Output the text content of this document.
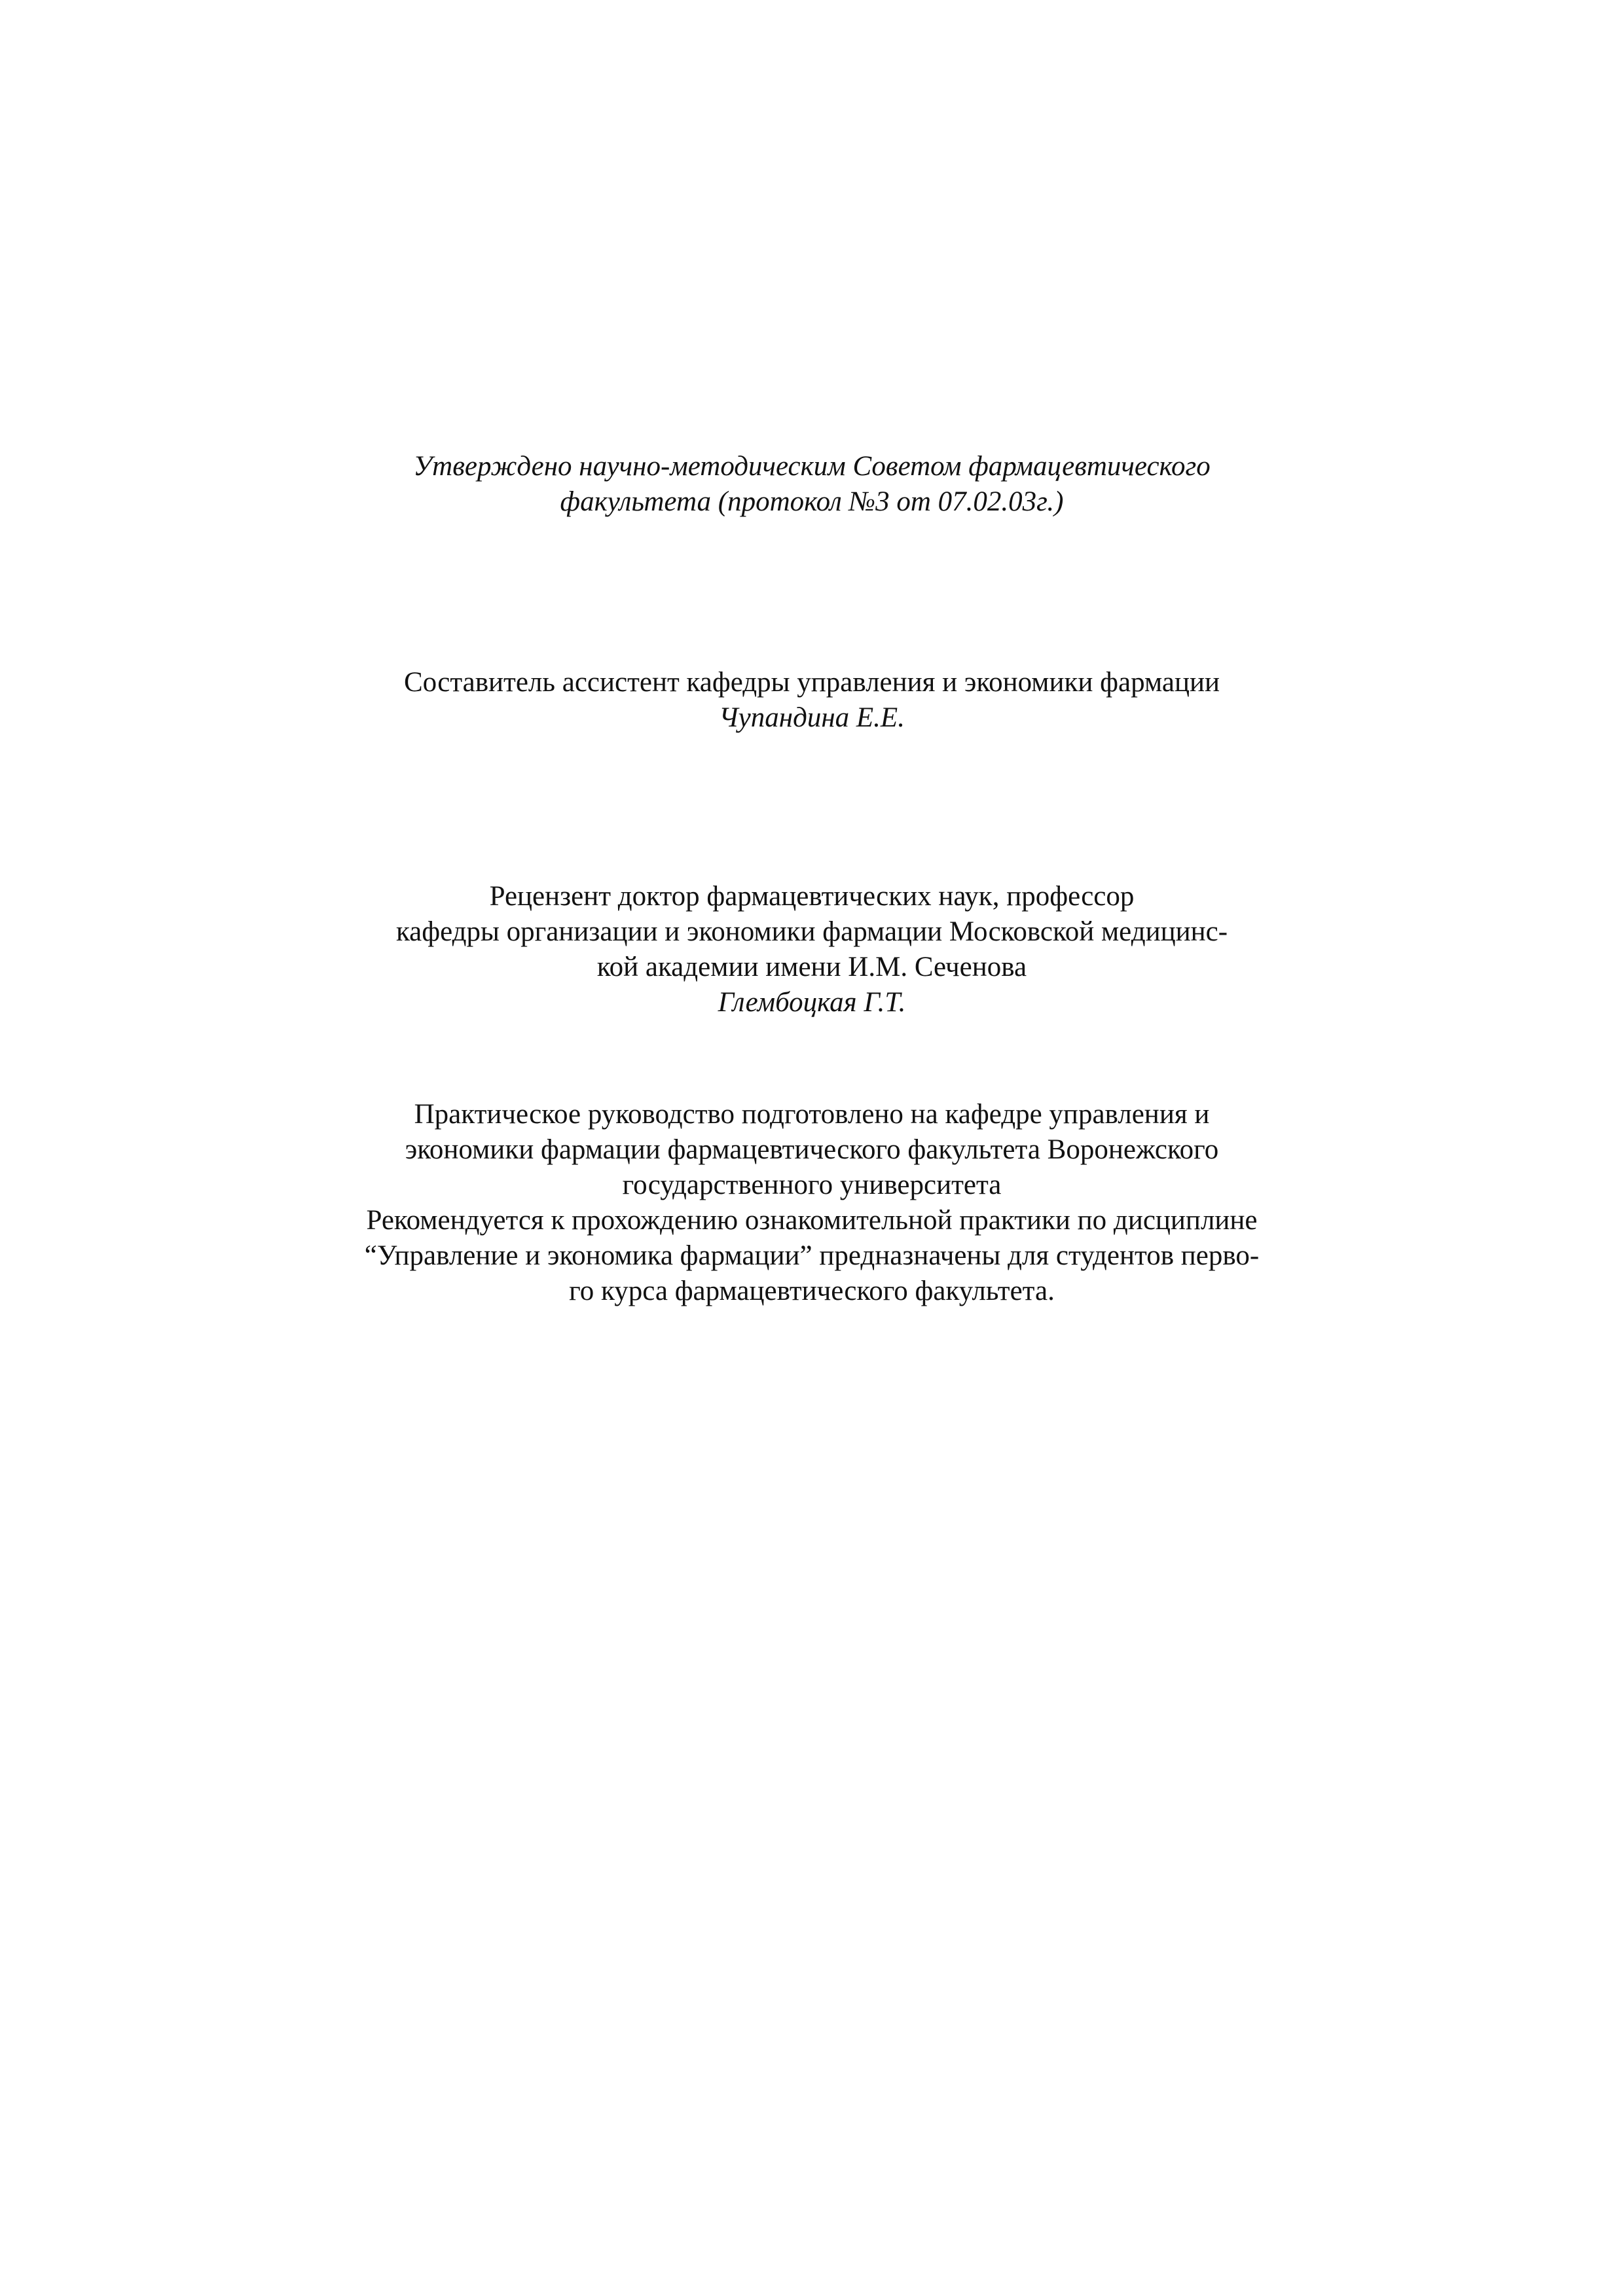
Утверждено научно-методическим Советом фармацевтического
факультета (протокол №3 от 07.02.03г.)
Составитель ассистент кафедры управления и экономики фармации
Чупандина Е.Е.
Рецензент доктор фармацевтических наук, профессор
кафедры организации и экономики фармации Московской медицинс-
кой академии имени И.М. Сеченова
Глембоцкая Г.Т.
Практическое руководство подготовлено на кафедре управления и
экономики фармации фармацевтического факультета Воронежского
государственного университета
Рекомендуется к прохождению ознакомительной практики по дисциплине
“Управление и экономика фармации” предназначены для студентов перво-
го курса фармацевтического факультета.
